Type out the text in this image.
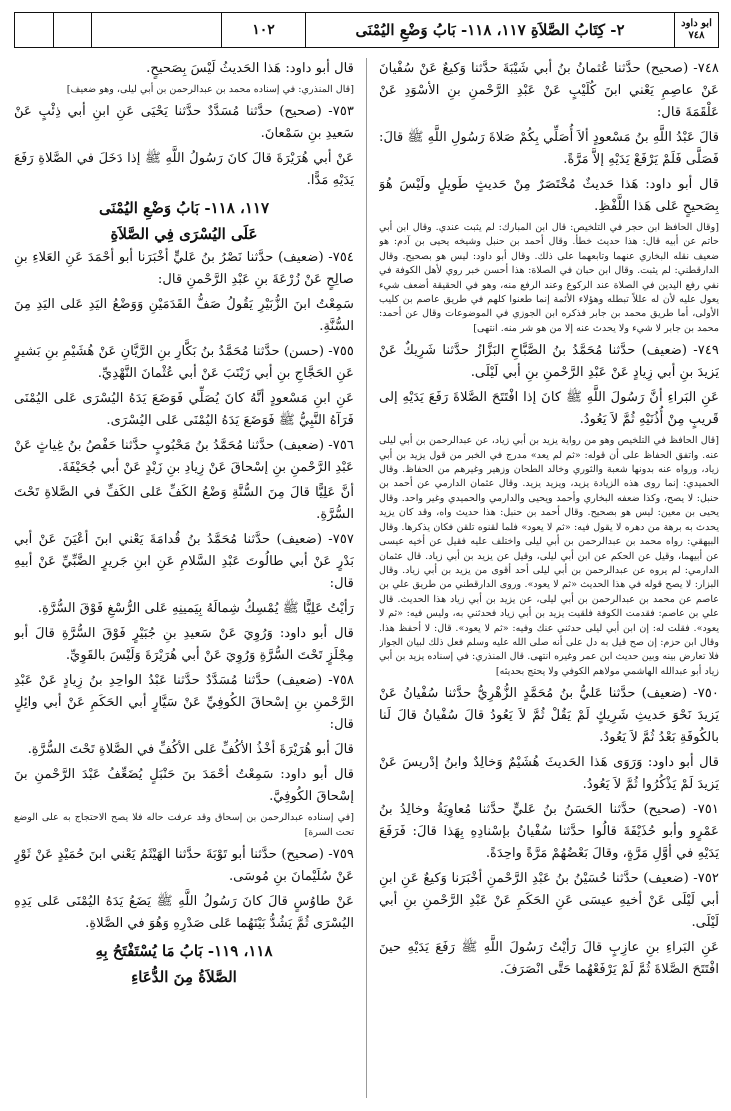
ابو داود
٧٤٨
٢- كِتَابُ الصَّلاَةِ ١١٧، ١١٨- بَابُ وَضْعِ اليُمْنَى
١٠٢

٧٤٨- (صحيح) حدَّثنا عُثمانُ بنُ أبي شَيْبَةَ حدَّثنا وَكيعٌ عَنْ سُفْيانَ عَنْ عاصِمِ يَعْني ابنَ كُلَيْبٍ عَنْ عَبْدِ الرَّحْمنِ بنِ الأسْوَدِ عَنْ عَلْقَمَةَ قال:

قالَ عَبْدُ اللَّهِ بنُ مَسْعودٍ ألاَ أُصَلِّي بِكُمْ صَلاةَ رَسُولِ اللَّهِ ﷺ قالَ: فَصَلَّى فَلَمْ يَرْفَعْ يَدَيْهِ إلاَّ مَرَّةً.

قال أبو داود: هَذا حَديثٌ مُخْتَصَرٌ مِنْ حَديثٍ طَويلٍ ولَيْسَ هُوَ بِصَحيحٍ عَلى هَذا اللَّفْظِ.

[وقال الحافظ ابن حجر في التلخيص: قال ابن المبارك: لم يثبت عندي. وقال ابن أبي حاتم عن أبيه قال: هذا حديث خطأ. وقال أحمد بن حنبل وشيخه يحيى بن آدم: هو ضعيف نقله البخاري عنهما وتابعهما على ذلك. وقال أبو داود: ليس هو بصحيح. وقال الدارقطني: لم يثبت. وقال ابن حبان في الصلاة: هذا أحسن خبر روي لأهل الكوفة في نفي رفع اليدين في الصلاة عند الركوع وعند الرفع منه، وهو في الحقيقة أضعف شيء يعول عليه لأن له عللاً تبطله وهؤلاء الأئمة إنما طعنوا كلهم في طريق عاصم بن كليب الأولى، أما طريق محمد بن جابر فذكره ابن الجوزي في الموضوعات وقال عن أحمد: محمد بن جابر لا شيء ولا يحدث عنه إلا من هو شر منه. انتهى]

٧٤٩- (ضعيف) حدَّثنا مُحَمَّدُ بنُ الصَّبَّاحِ البَزَّازُ حدَّثنا شَرِيكٌ عَنْ يَزيدَ بنِ أبي زِيادٍ عَنْ عَبْدِ الرَّحْمنِ بنِ أبي لَيْلَى.

عَنِ البَراءِ أنَّ رَسُولَ اللَّهِ ﷺ كانَ إذا افْتَتَحَ الصَّلاةَ رَفَعَ يَدَيْهِ إلى قَريبٍ مِنْ أُذُنَيْهِ ثُمَّ لاَ يَعُودُ.

[قال الحافظ في التلخيص وهو من رواية يزيد بن أبي زياد، عن عبدالرحمن بن أبي ليلى عنه. واتفق الحفاظ على أن قوله: «ثم لم يعد» مدرج في الخبر من قول يزيد بن أبي زياد، ورواه عنه بدونها شعبة والثوري وخالد الطحان وزهير وغيرهم من الحفاظ. وقال الحميدي: إنما روى هذه الزيادة يزيد، ويزيد يزيد. وقال عثمان الدارمي عن أحمد بن حنبل: لا يصح، وكذا ضعفه البخاري وأحمد ويحيى والدارمي والحميدي وغير واحد. وقال يحيى بن معين: ليس هو بصحيح. وقال أحمد بن حنبل: هذا حديث واه، وقد كان يزيد يحدث به برهة من دهره لا يقول فيه: «ثم لا يعود» فلما لقنوه تلقن فكان يذكرها. وقال البيهقي: رواه محمد بن عبدالرحمن بن أبي ليلى واختلف عليه فقيل عن أخيه عيسى عن أبيهما، وقيل عن الحكم عن ابن أبي ليلى، وقيل عن يزيد بن أبي زياد. قال عثمان الدارمي: لم يروه عن عبدالرحمن بن أبي ليلى أحد أقوى من يزيد بن أبي زياد. وقال البزار: لا يصح قوله في هذا الحديث «ثم لا يعود». وروى الدارقطني من طريق علي بن عاصم عن محمد بن عبدالرحمن بن أبي ليلى، عن يزيد بن أبي زياد هذا الحديث. قال علي بن عاصم: فقدمت الكوفة فلقيت يزيد بن أبي زياد فحدثني به، وليس فيه: «ثم لا يعود». فقلت له: إن ابن أبي ليلى حدثني عنك وفيه: «ثم لا يعود». قال: لا أحفظ هذا. وقال ابن حزم: إن صح قيل به دل على أنه صلى الله عليه وسلم فعل ذلك لبيان الجواز فلا تعارض بينه وبين حديث ابن عمر وغيره انتهى. قال المنذري: في إسناده يزيد بن أبي زياد أبو عبدالله الهاشمي مولاهم الكوفي ولا يحتج بحديثه]

٧٥٠- (ضعيف) حدَّثنا عَليُّ بنُ مُحَمَّدٍ الزُّهْرِيُّ حدَّثنا سُفْيانُ عَنْ يَزيدَ نَحْوَ حَديثِ شَرِيكٍ لَمْ يَقُلْ ثُمَّ لاَ يَعُودُ قالَ سُفْيانُ قالَ لَنا بالكُوفَةِ بَعْدُ ثُمَّ لاَ يَعُودُ.

قال أبو داود: وَرَوَى هَذا الحَديثَ هُشَيْمٌ وَخالِدٌ وابنُ إدْريسَ عَنْ يَزيدَ لَمْ يَذْكُرُوا ثُمَّ لاَ يَعُودُ.

٧٥١- (صحيح) حدَّثنا الحَسَنُ بنُ عَليٍّ حدَّثنا مُعاوِيَةُ وخالِدُ بنُ عَمْرٍو وأبو حُذَيْفَةَ قالُوا حدَّثنا سُفْيانُ بإسْنادِهِ بِهَذا قالَ: فَرَفَعَ يَدَيْهِ في أوَّلِ مَرَّةٍ، وقالَ بَعْضُهُمْ مَرَّةً واحِدَةً.

٧٥٢- (ضعيف) حدَّثنا حُسَيْنُ بنُ عَبْدِ الرَّحْمنِ أخْبَرَنا وَكيعٌ عَنِ ابنِ أبي لَيْلَى عَنْ أخيهِ عيسَى عَنِ الحَكَمِ عَنْ عَبْدِ الرَّحْمنِ بنِ أبي لَيْلَى.

عَنِ البَراءِ بنِ عازِبٍ قالَ رَأيْتُ رَسُولَ اللَّهِ ﷺ رَفَعَ يَدَيْهِ حينَ افْتَتَحَ الصَّلاةَ ثُمَّ لَمْ يَرْفَعْهُما حَتَّى انْصَرَفَ.

قال أبو داود: هَذا الحَديثُ لَيْسَ بِصَحيحٍ.

[قال المنذري: في إسناده محمد بن عبدالرحمن بن أبي ليلى، وهو ضعيف]

٧٥٣- (صحيح) حدَّثنا مُسَدَّدٌ حدَّثنا يَحْيَى عَنِ ابنِ أبي ذِئْبٍ عَنْ سَعيدِ بنِ سَمْعانَ.

عَنْ أبي هُرَيْرَةَ قالَ كانَ رَسُولُ اللَّهِ ﷺ إذا دَخَلَ في الصَّلاةِ رَفَعَ يَدَيْهِ مَدًّا.

١١٧، ١١٨- بَابُ وَضْعِ اليُمْنَى

عَلَى اليُسْرَى فِي الصَّلاَةِ

٧٥٤- (ضعيف) حدَّثنا نَصْرُ بنُ عَليٍّ أخْبَرَنا أبو أحْمَدَ عَنِ العَلاءِ بنِ صالِحٍ عَنْ زُرْعَةَ بنِ عَبْدِ الرَّحْمنِ قال:

سَمِعْتُ ابنَ الزُّبَيْرِ يَقُولُ صَفُّ القَدَمَيْنِ وَوَضْعُ اليَدِ عَلى اليَدِ مِنَ السُّنَّةِ.

٧٥٥- (حسن) حدَّثنا مُحَمَّدُ بنُ بَكَّارِ بنِ الرَّيَّانِ عَنْ هُشَيْمِ بنِ بَشيرٍ عَنِ الحَجَّاجِ بنِ أبي زَيْنَبَ عَنْ أبي عُثْمانَ النَّهْدِيِّ.

عَنِ ابنِ مَسْعودٍ أنَّهُ كانَ يُصَلِّي فَوَضَعَ يَدَهُ اليُسْرَى عَلى اليُمْنَى فَرَآهُ النَّبِيُّ ﷺ فَوَضَعَ يَدَهُ اليُمْنَى عَلى اليُسْرَى.

٧٥٦- (ضعيف) حدَّثنا مُحَمَّدُ بنُ مَحْبُوبٍ حدَّثنا حَفْصُ بنُ غِياثٍ عَنْ عَبْدِ الرَّحْمنِ بنِ إسْحاقَ عَنْ زِيادِ بنِ زَيْدٍ عَنْ أبي جُحَيْفَةَ.

أنَّ عَلِيًّا قالَ مِنَ السُّنَّةِ وَضْعُ الكَفِّ عَلى الكَفِّ في الصَّلاةِ تَحْتَ السُّرَّةِ.

٧٥٧- (ضعيف) حدَّثنا مُحَمَّدُ بنُ قُدامَةَ يَعْني ابنَ أعْيَنَ عَنْ أبي بَدْرٍ عَنْ أبي طالُوتَ عَبْدِ السَّلامِ عَنِ ابنِ جَريرٍ الضَّبِّيِّ عَنْ أبيهِ قال:

رَأيْتُ عَلِيًّا ﷺ يُمْسِكُ شِمالَهُ بِيَمينِهِ عَلى الرُّسْغِ فَوْقَ السُّرَّةِ.

قال أبو داود: وَرُوِيَ عَنْ سَعيدِ بنِ جُبَيْرٍ فَوْقَ السُّرَّةِ قالَ أبو مِجْلَزٍ تَحْتَ السُّرَّةِ وَرُوِيَ عَنْ أبي هُرَيْرَةَ وَلَيْسَ بالقَوِيِّ.

٧٥٨- (ضعيف) حدَّثنا مُسَدَّدٌ حدَّثنا عَبْدُ الواحِدِ بنُ زِيادٍ عَنْ عَبْدِ الرَّحْمنِ بنِ إسْحاقَ الكُوفِيِّ عَنْ سَيَّارٍ أبي الحَكَمِ عَنْ أبي وائِلٍ قال:

قالَ أبو هُرَيْرَةَ أخْذُ الأكُفِّ عَلى الأكُفِّ في الصَّلاةِ تَحْتَ السُّرَّةِ.

قال أبو داود: سَمِعْتُ أحْمَدَ بنَ حَنْبَلٍ يُضَعِّفُ عَبْدَ الرَّحْمنِ بنَ إسْحاقَ الكُوفِيَّ.

[في إسناده عبدالرحمن بن إسحاق وقد عرفت حاله فلا يصح الاحتجاج به على الوضع تحت السرة]

٧٥٩- (صحيح) حدَّثنا أبو تَوْبَةَ حدَّثنا الهَيْثَمُ يَعْني ابنَ حُمَيْدٍ عَنْ ثَوْرٍ عَنْ سُلَيْمانَ بنِ مُوسَى.

عَنْ طاوُسٍ قالَ كانَ رَسُولُ اللَّهِ ﷺ يَضَعُ يَدَهُ اليُمْنَى عَلى يَدِهِ اليُسْرَى ثُمَّ يَشُدُّ بَيْنَهُما عَلى صَدْرِهِ وَهُوَ في الصَّلاةِ.

١١٨، ١١٩- بَابُ مَا يُسْتَفْتَحُ بِهِ

الصَّلاَةُ مِنَ الدُّعَاءِ
